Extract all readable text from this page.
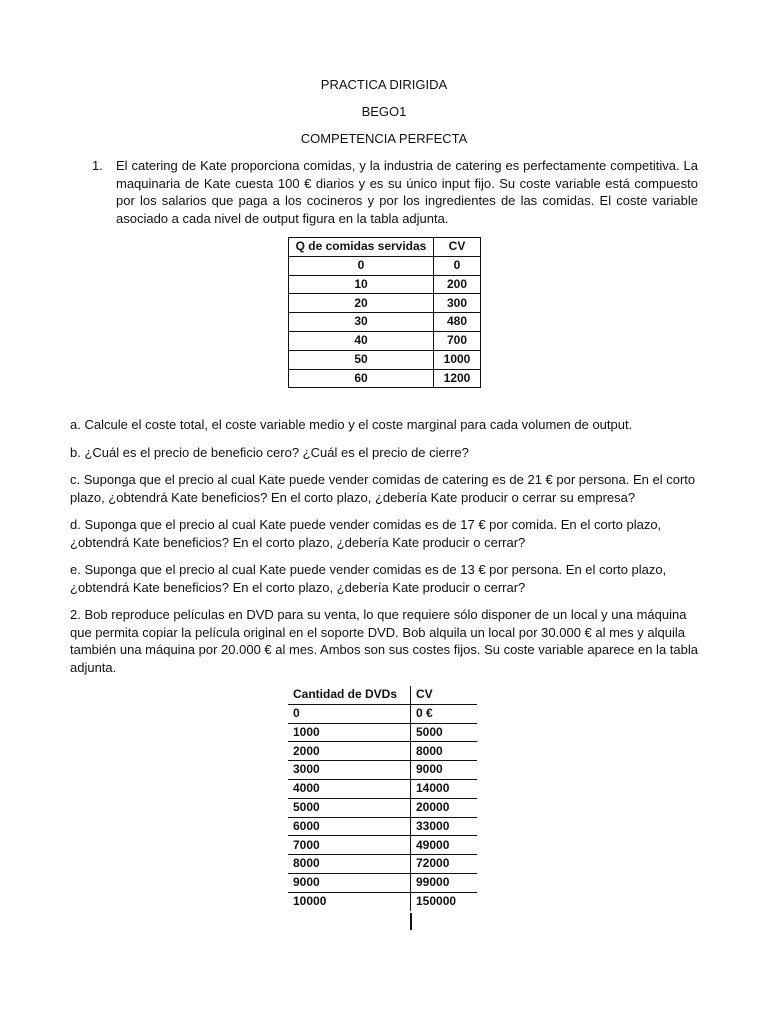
PRACTICA DIRIGIDA
BEGO1
COMPETENCIA PERFECTA
1. El catering de Kate proporciona comidas, y la industria de catering es perfectamente competitiva. La maquinaria de Kate cuesta 100 € diarios y es su único input fijo. Su coste variable está compuesto por los salarios que paga a los cocineros y por los ingredientes de las comidas. El coste variable asociado a cada nivel de output figura en la tabla adjunta.
Q de comidas servidas	CV
0	0
10	200
20	300
30	480
40	700
50	1000
60	1200
a. Calcule el coste total, el coste variable medio y el coste marginal para cada volumen de output.
b. ¿Cuál es el precio de beneficio cero? ¿Cuál es el precio de cierre?
c. Suponga que el precio al cual Kate puede vender comidas de catering es de 21 € por persona. En el corto plazo, ¿obtendrá Kate beneficios? En el corto plazo, ¿debería Kate producir o cerrar su empresa?
d. Suponga que el precio al cual Kate puede vender comidas es de 17 € por comida. En el corto plazo, ¿obtendrá Kate beneficios? En el corto plazo, ¿debería Kate producir o cerrar?
e. Suponga que el precio al cual Kate puede vender comidas es de 13 € por persona. En el corto plazo, ¿obtendrá Kate beneficios? En el corto plazo, ¿debería Kate producir o cerrar?
2. Bob reproduce películas en DVD para su venta, lo que requiere sólo disponer de un local y una máquina que permita copiar la película original en el soporte DVD. Bob alquila un local por 30.000 € al mes y alquila también una máquina por 20.000 € al mes. Ambos son sus costes fijos. Su coste variable aparece en la tabla adjunta.
Cantidad de DVDs	CV
0	0 €
1000	5000
2000	8000
3000	9000
4000	14000
5000	20000
6000	33000
7000	49000
8000	72000
9000	99000
10000	150000
